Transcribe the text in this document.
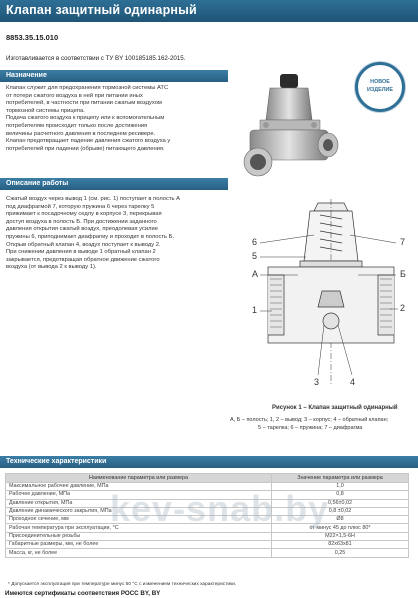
Клапан защитный одинарный
8853.35.15.010
Изготавливается в соответствии с ТУ BY 100185185.162-2015.
Назначение
Клапан служит для предохранения тормозной системы АТС
от потери сжатого воздуха в ней при питании иных
потребителей, в частности при питании сжатым воздухом
тормозной системы прицепа.
Подача сжатого воздуха к прицепу или к вспомогательным
потребителям происходит только после достижения
величины расчетного давления в последнем ресивере.
Клапан предотвращает падение давления сжатого воздуха у
потребителей при падении (обрыве) питающего давления.
НОВОЕ
ИЗДЕЛИЕ
Описание работы
Сжатый воздух через вывод 1 (см. рис. 1) поступает в полость А
под диафрагмой 7, которую пружина 6 через тарелку 5
прижимает к посадочному седлу в корпусе 3, перекрывая
доступ воздуха в полость Б. При достижении заданного
давления открытия сжатый воздух, преодолевая усилие
пружины 6, приподнимает диафрагму и проходит в полость Б.
Открыв обратный клапан 4, воздух поступает к выводу 2.
При снижении давления в выводе 1 обратный клапан 2
закрывается, предотвращая обратное движение сжатого
воздуха (от вывода 2 к выводу 1).
6
5
А
1
7
Б
2
3	4
Рисунок 1 – Клапан защитный одинарный
А, Б – полость; 1, 2 – вывод; 3 – корпус; 4 – обратный клапан;
5 – тарелка; 6 – пружина; 7 – диафрагма
Технические характеристики
Наименование параметра или размера	Значение параметра или размера
Максимальное рабочее давление, МПа	1,0
Рабочее давление, МПа	0,8
Давление открытия, МПа	0,56±0,02
Давление динамического закрытия, МПа	0,8 ±0,02
Проходное сечение, мм	Ø8
Рабочая температура при эксплуатации, °С	от минус 45 до плюс 80*
Присоединительные резьбы	M22×1,5-6H
Габаритные размеры, мм, не более	82х63х81
Масса, кг, не более	0,25
kev-snab.by
* Допускается эксплуатация при температуре минус 50 °С с изменением технических характеристики.
Имеются сертификаты соответствия РОСС BY, BY
